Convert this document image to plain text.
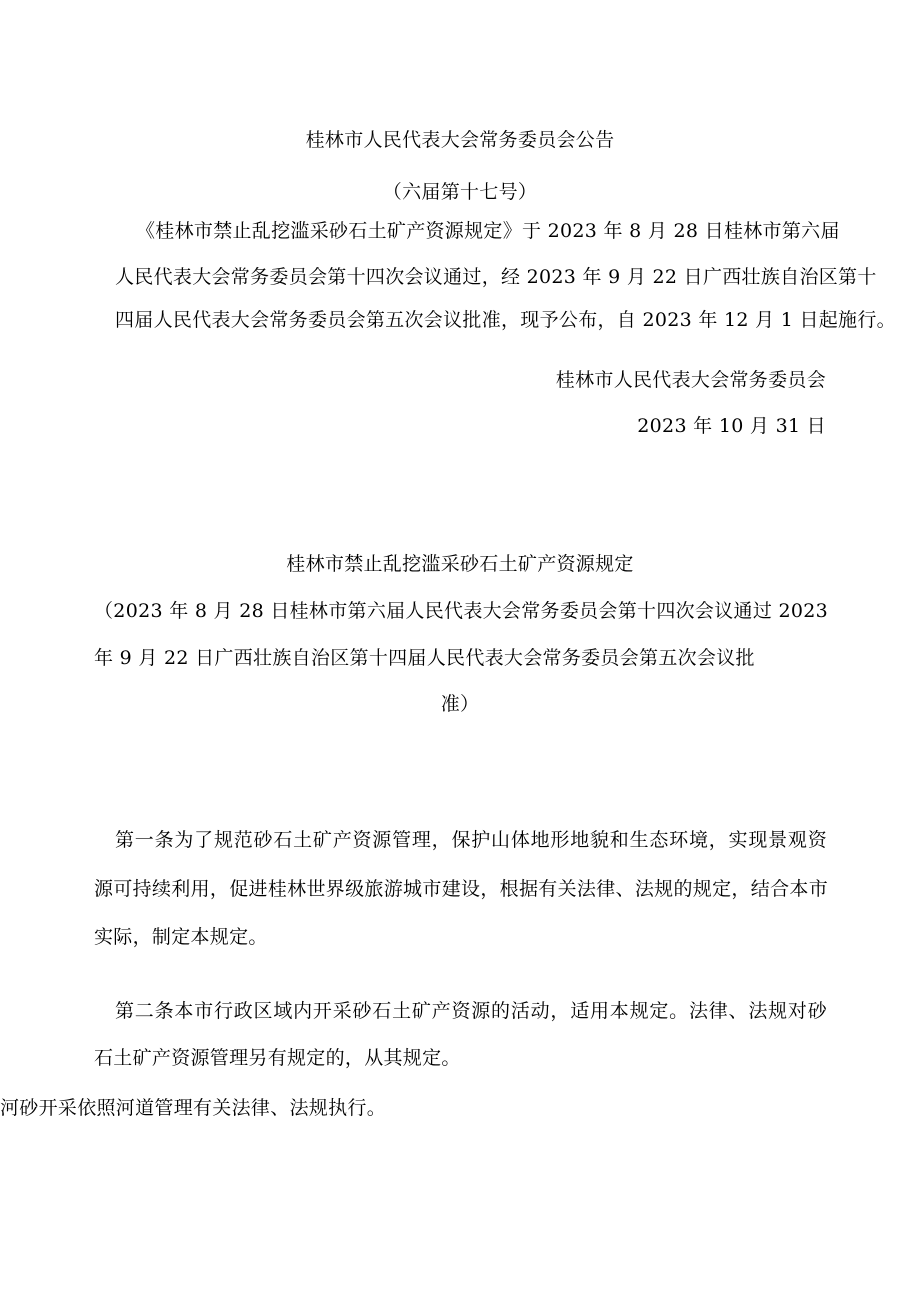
桂林市人民代表大会常务委员会公告
（六届第十七号）
《桂林市禁止乱挖滥采砂石土矿产资源规定》于 2023 年 8 月 28 日桂林市第六届
人民代表大会常务委员会第十四次会议通过，经 2023 年 9 月 22 日广西壮族自治区第十
四届人民代表大会常务委员会第五次会议批准，现予公布，自 2023 年 12 月 1 日起施行。
桂林市人民代表大会常务委员会
2023 年 10 月 31 日
桂林市禁止乱挖滥采砂石土矿产资源规定
（2023 年 8 月 28 日桂林市第六届人民代表大会常务委员会第十四次会议通过 2023
年 9 月 22 日广西壮族自治区第十四届人民代表大会常务委员会第五次会议批
准）
第一条为了规范砂石土矿产资源管理，保护山体地形地貌和生态环境，实现景观资
源可持续利用，促进桂林世界级旅游城市建设，根据有关法律、法规的规定，结合本市
实际，制定本规定。
第二条本市行政区域内开采砂石土矿产资源的活动，适用本规定。法律、法规对砂
石土矿产资源管理另有规定的，从其规定。
河砂开采依照河道管理有关法律、法规执行。
